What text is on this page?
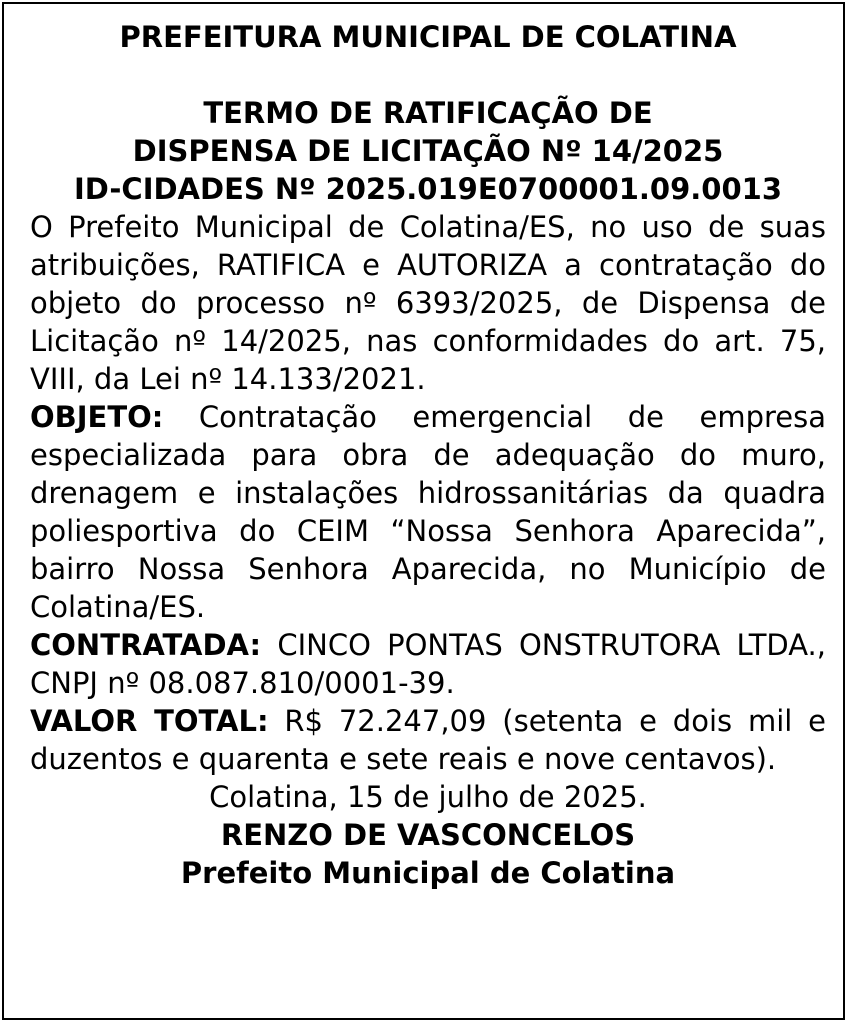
PREFEITURA MUNICIPAL DE COLATINA
TERMO DE RATIFICAÇÃO DE
DISPENSA DE LICITAÇÃO Nº 14/2025
ID-CIDADES Nº 2025.019E0700001.09.0013
O Prefeito Municipal de Colatina/ES, no uso de suas atribuições, RATIFICA e AUTORIZA a contratação do objeto do processo nº 6393/2025, de Dispensa de Licitação nº 14/2025, nas conformidades do art. 75, VIII, da Lei nº 14.133/2021.
OBJETO: Contratação emergencial de empresa especializada para obra de adequação do muro, drenagem e instalações hidrossanitárias da quadra poliesportiva do CEIM “Nossa Senhora Aparecida”, bairro Nossa Senhora Aparecida, no Município de Colatina/ES.
CONTRATADA: CINCO PONTAS ONSTRUTORA LTDA., CNPJ nº 08.087.810/0001-39.
VALOR TOTAL: R$ 72.247,09 (setenta e dois mil e duzentos e quarenta e sete reais e nove centavos).
Colatina, 15 de julho de 2025.
RENZO DE VASCONCELOS
Prefeito Municipal de Colatina
